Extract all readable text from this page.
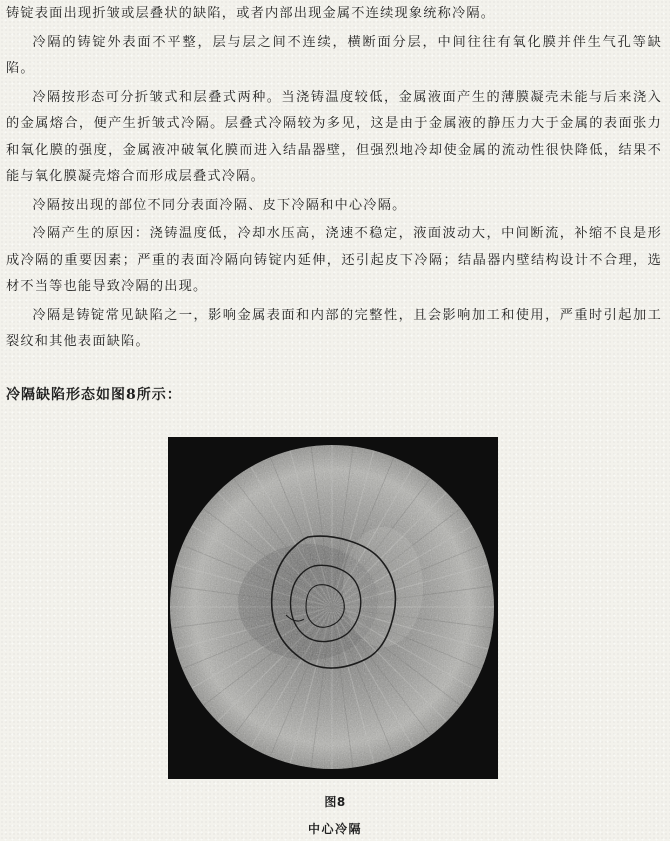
铸锭表面出现折皱或层叠状的缺陷，或者内部出现金属不连续现象统称冷隔。

冷隔的铸锭外表面不平整，层与层之间不连续，横断面分层，中间往往有氧化膜并伴生气孔等缺陷。

冷隔按形态可分折皱式和层叠式两种。当浇铸温度较低，金属液面产生的薄膜凝壳未能与后来浇入的金属熔合，便产生折皱式冷隔。层叠式冷隔较为多见，这是由于金属液的静压力大于金属的表面张力和氧化膜的强度，金属液冲破氧化膜而进入结晶器壁，但强烈地冷却使金属的流动性很快降低，结果不能与氧化膜凝壳熔合而形成层叠式冷隔。

冷隔按出现的部位不同分表面冷隔、皮下冷隔和中心冷隔。

冷隔产生的原因：浇铸温度低，冷却水压高，浇速不稳定，液面波动大，中间断流，补缩不良是形成冷隔的重要因素；严重的表面冷隔向铸锭内延伸，还引起皮下冷隔；结晶器内壁结构设计不合理，选材不当等也能导致冷隔的出现。

冷隔是铸锭常见缺陷之一，影响金属表面和内部的完整性，且会影响加工和使用，严重时引起加工裂纹和其他表面缺陷。

冷隔缺陷形态如图8所示：
图8
中心冷隔
